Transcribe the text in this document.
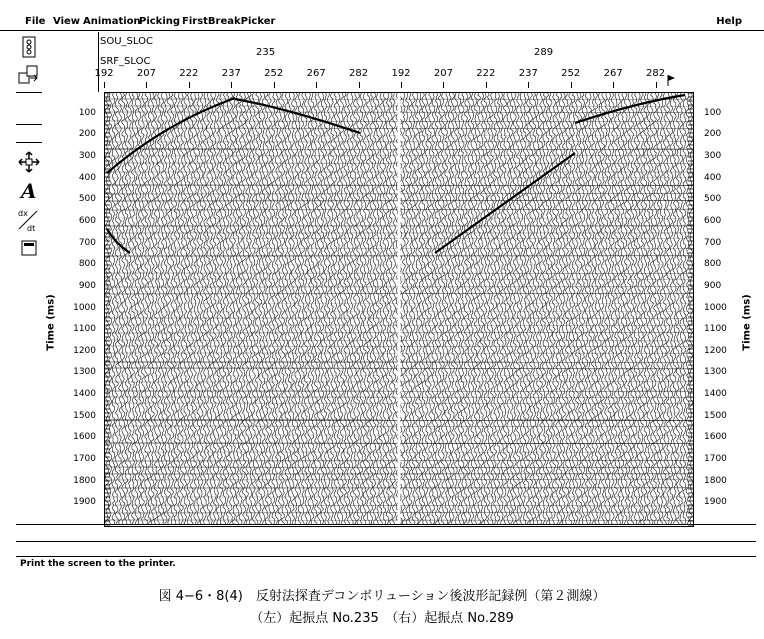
File View Animation
Picking FirstBreakPicker	Help
A
dx
dt
SOU_SLOC
235	289
SRF_SLOC
192 207 222 237 252 267 282 192 207 222 237 252 267 282
100	100
200	200
300	300
400	400
500	500
600	600
700	700
800	800
900	900
1000	1000
1100	1100
1200	1200
1300	1300
1400	1400
1500	1500
1600	1600
1700	1700
1800	1800
1900	1900
Time (ms)	Time (ms)
Print the screen to the printer.
図 4−6・8(4)　反射法探査デコンボリューション後波形記録例（第２測線）
（左）起振点 No.235　（右）起振点 No.289
